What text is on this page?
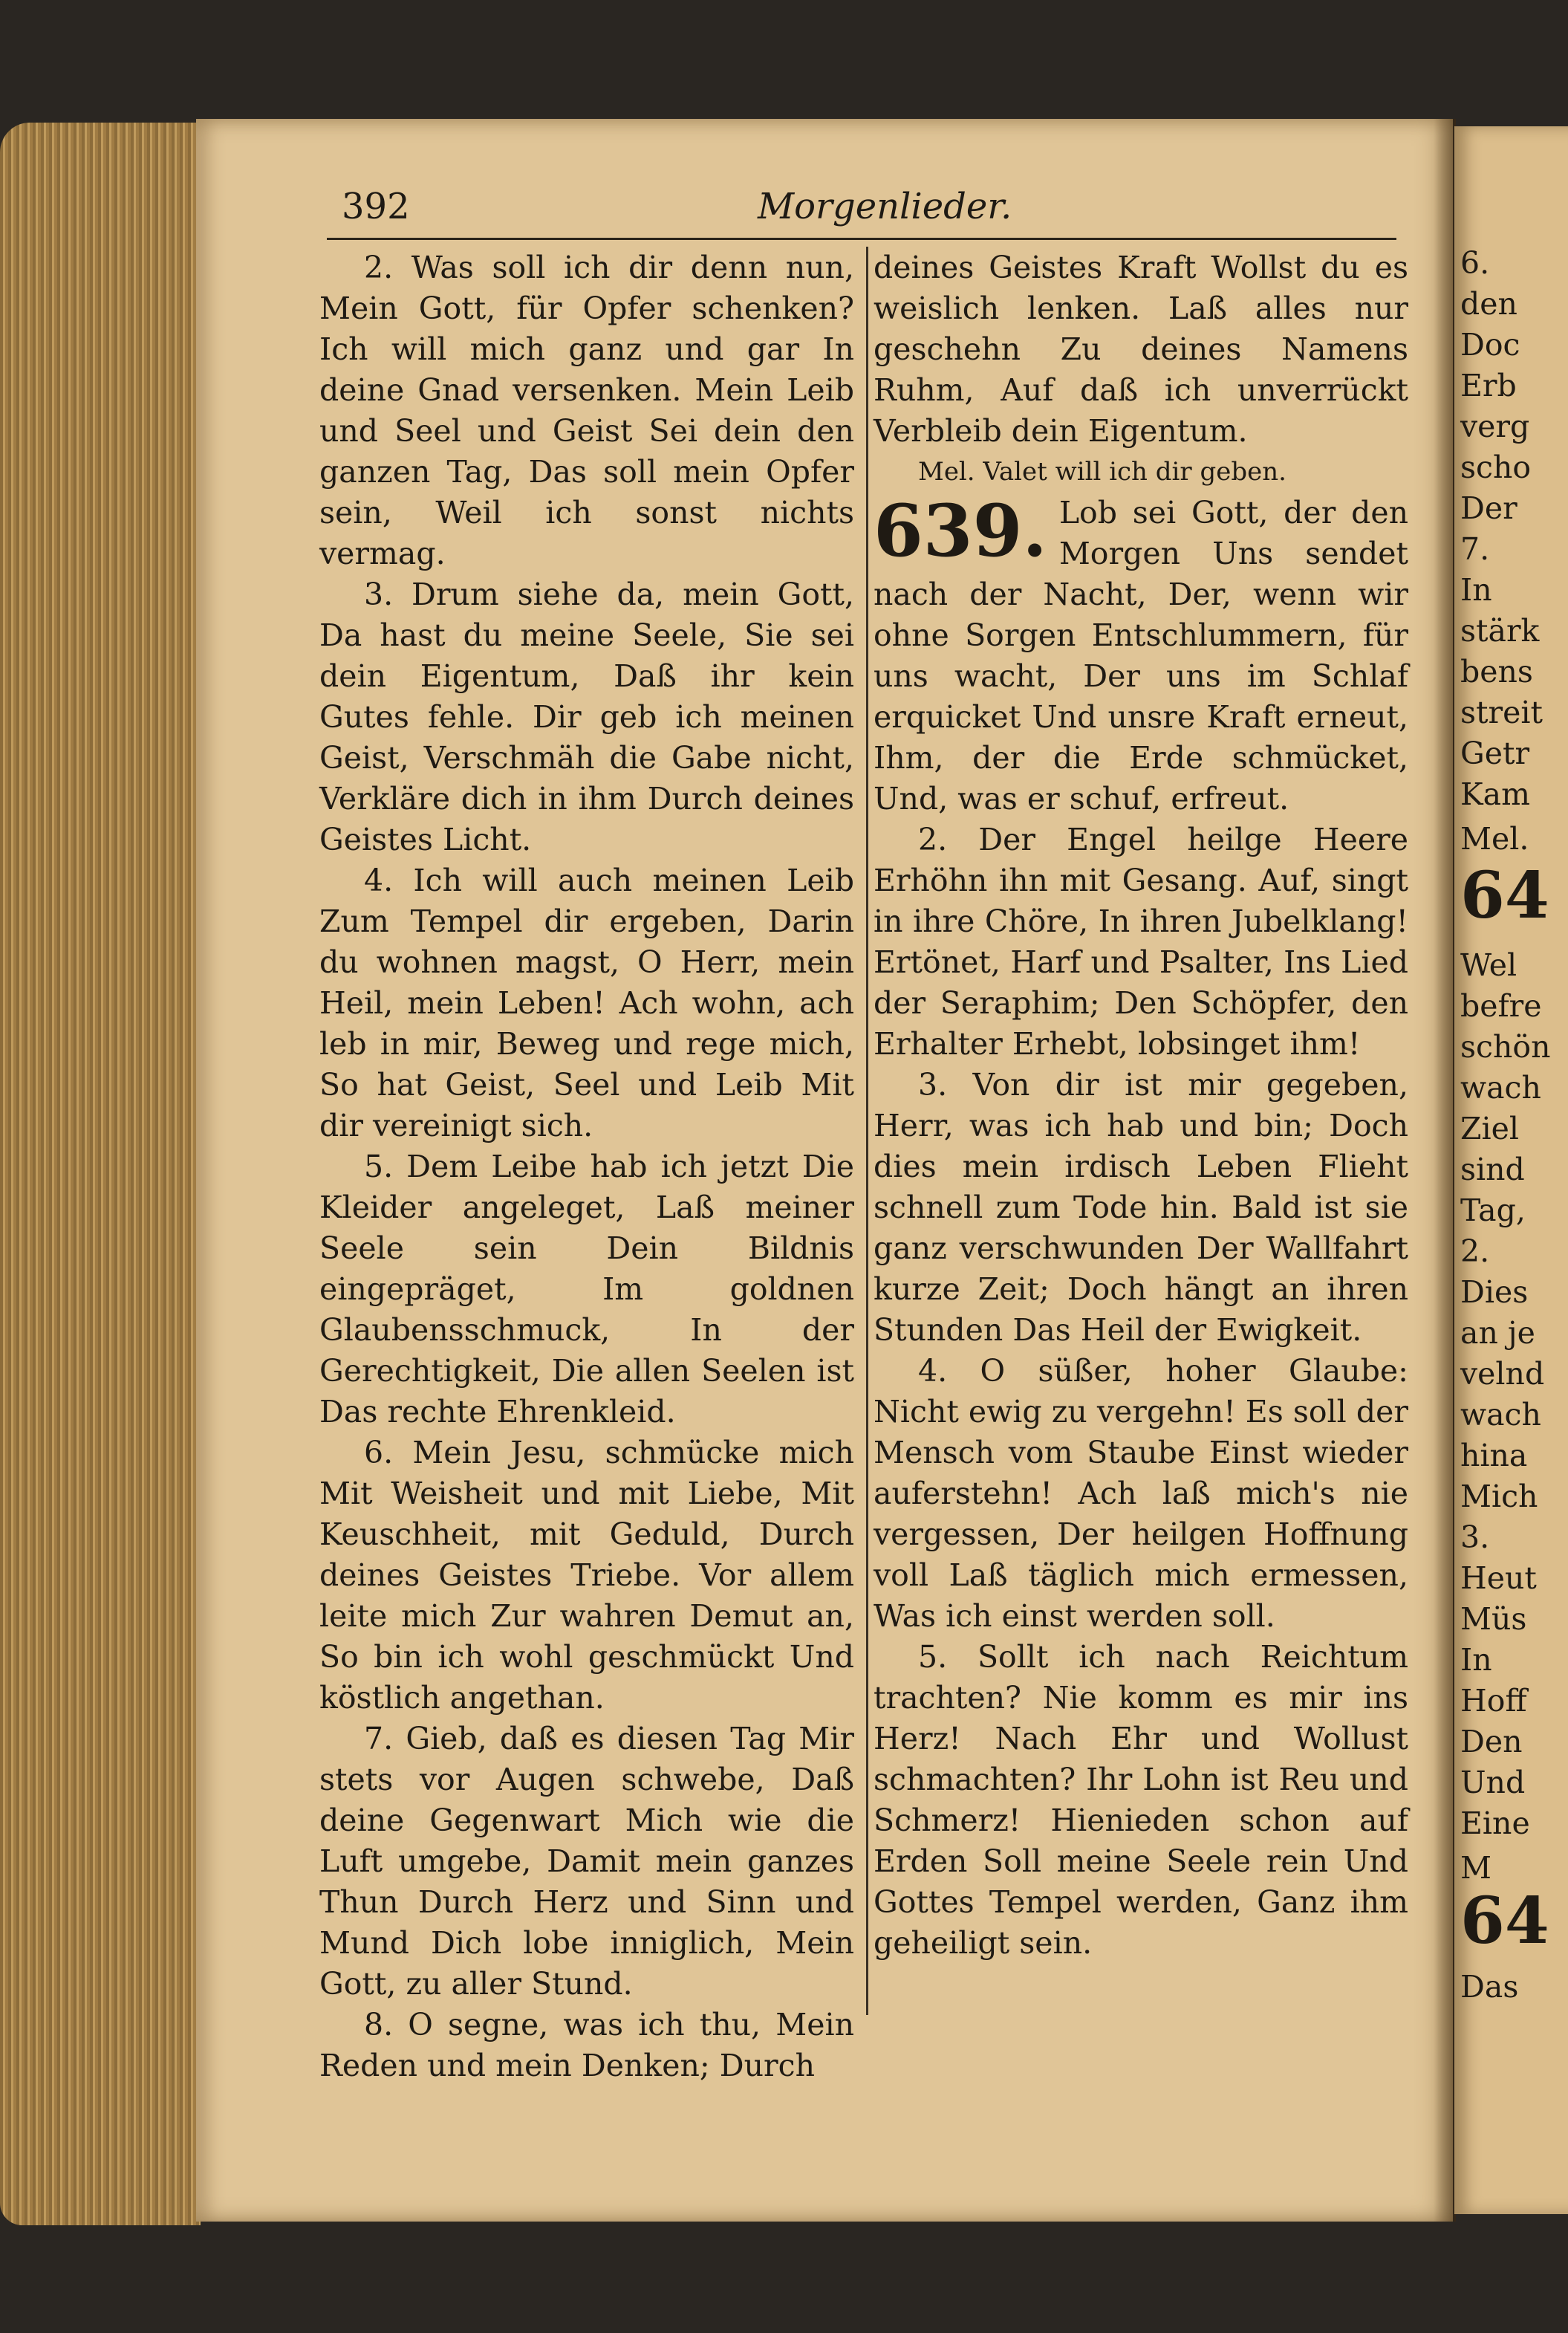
6.
den
Doc
Erb
verg
scho
Der
7.
In
stärk
bens
streit
Getr
Kam
Mel.
64
Wel
befre
schön
wach
Ziel
sind
Tag,
2.
Dies
an je
velnd
wach
hina
Mich
3.
Heut
Müs
In
Hoff
Den
Und
Eine
M
64
Das
392	Morgenlieder.

2. Was soll ich dir denn nun, Mein Gott, für Opfer schenken? Ich will mich ganz und gar In deine Gnad versenken. Mein Leib und Seel und Geist Sei dein den ganzen Tag, Das soll mein Opfer sein, Weil ich sonst nichts vermag.

3. Drum siehe da, mein Gott, Da hast du meine Seele, Sie sei dein Eigentum, Daß ihr kein Gutes fehle. Dir geb ich meinen Geist, Verschmäh die Gabe nicht, Verkläre dich in ihm Durch deines Geistes Licht.

4. Ich will auch meinen Leib Zum Tempel dir ergeben, Darin du wohnen magst, O Herr, mein Heil, mein Leben! Ach wohn, ach leb in mir, Beweg und rege mich, So hat Geist, Seel und Leib Mit dir vereinigt sich.

5. Dem Leibe hab ich jetzt Die Kleider angeleget, Laß meiner Seele sein Dein Bildnis eingepräget, Im goldnen Glaubensschmuck, In der Gerechtigkeit, Die allen Seelen ist Das rechte Ehrenkleid.

6. Mein Jesu, schmücke mich Mit Weisheit und mit Liebe, Mit Keuschheit, mit Geduld, Durch deines Geistes Triebe. Vor allem leite mich Zur wahren Demut an, So bin ich wohl geschmückt Und köstlich angethan.

7. Gieb, daß es diesen Tag Mir stets vor Augen schwebe, Daß deine Gegenwart Mich wie die Luft umgebe, Damit mein ganzes Thun Durch Herz und Sinn und Mund Dich lobe inniglich, Mein Gott, zu aller Stund.

8. O segne, was ich thu, Mein Reden und mein Denken; Durch

deines Geistes Kraft Wollst du es weislich lenken. Laß alles nur geschehn Zu deines Namens Ruhm, Auf daß ich unverrückt Verbleib dein Eigentum.

Mel. Valet will ich dir geben.

639. Lob sei Gott, der den Morgen Uns sendet nach der Nacht, Der, wenn wir ohne Sorgen Entschlummern, für uns wacht, Der uns im Schlaf erquicket Und unsre Kraft erneut, Ihm, der die Erde schmücket, Und, was er schuf, erfreut.

2. Der Engel heilge Heere Erhöhn ihn mit Gesang. Auf, singt in ihre Chöre, In ihren Jubelklang! Ertönet, Harf und Psalter, Ins Lied der Seraphim; Den Schöpfer, den Erhalter Erhebt, lobsinget ihm!

3. Von dir ist mir gegeben, Herr, was ich hab und bin; Doch dies mein irdisch Leben Flieht schnell zum Tode hin. Bald ist sie ganz verschwunden Der Wallfahrt kurze Zeit; Doch hängt an ihren Stunden Das Heil der Ewigkeit.

4. O süßer, hoher Glaube: Nicht ewig zu vergehn! Es soll der Mensch vom Staube Einst wieder auferstehn! Ach laß mich's nie vergessen, Der heilgen Hoffnung voll Laß täglich mich ermessen, Was ich einst werden soll.

5. Sollt ich nach Reichtum trachten? Nie komm es mir ins Herz! Nach Ehr und Wollust schmachten? Ihr Lohn ist Reu und Schmerz! Hienieden schon auf Erden Soll meine Seele rein Und Gottes Tempel werden, Ganz ihm geheiligt sein.
